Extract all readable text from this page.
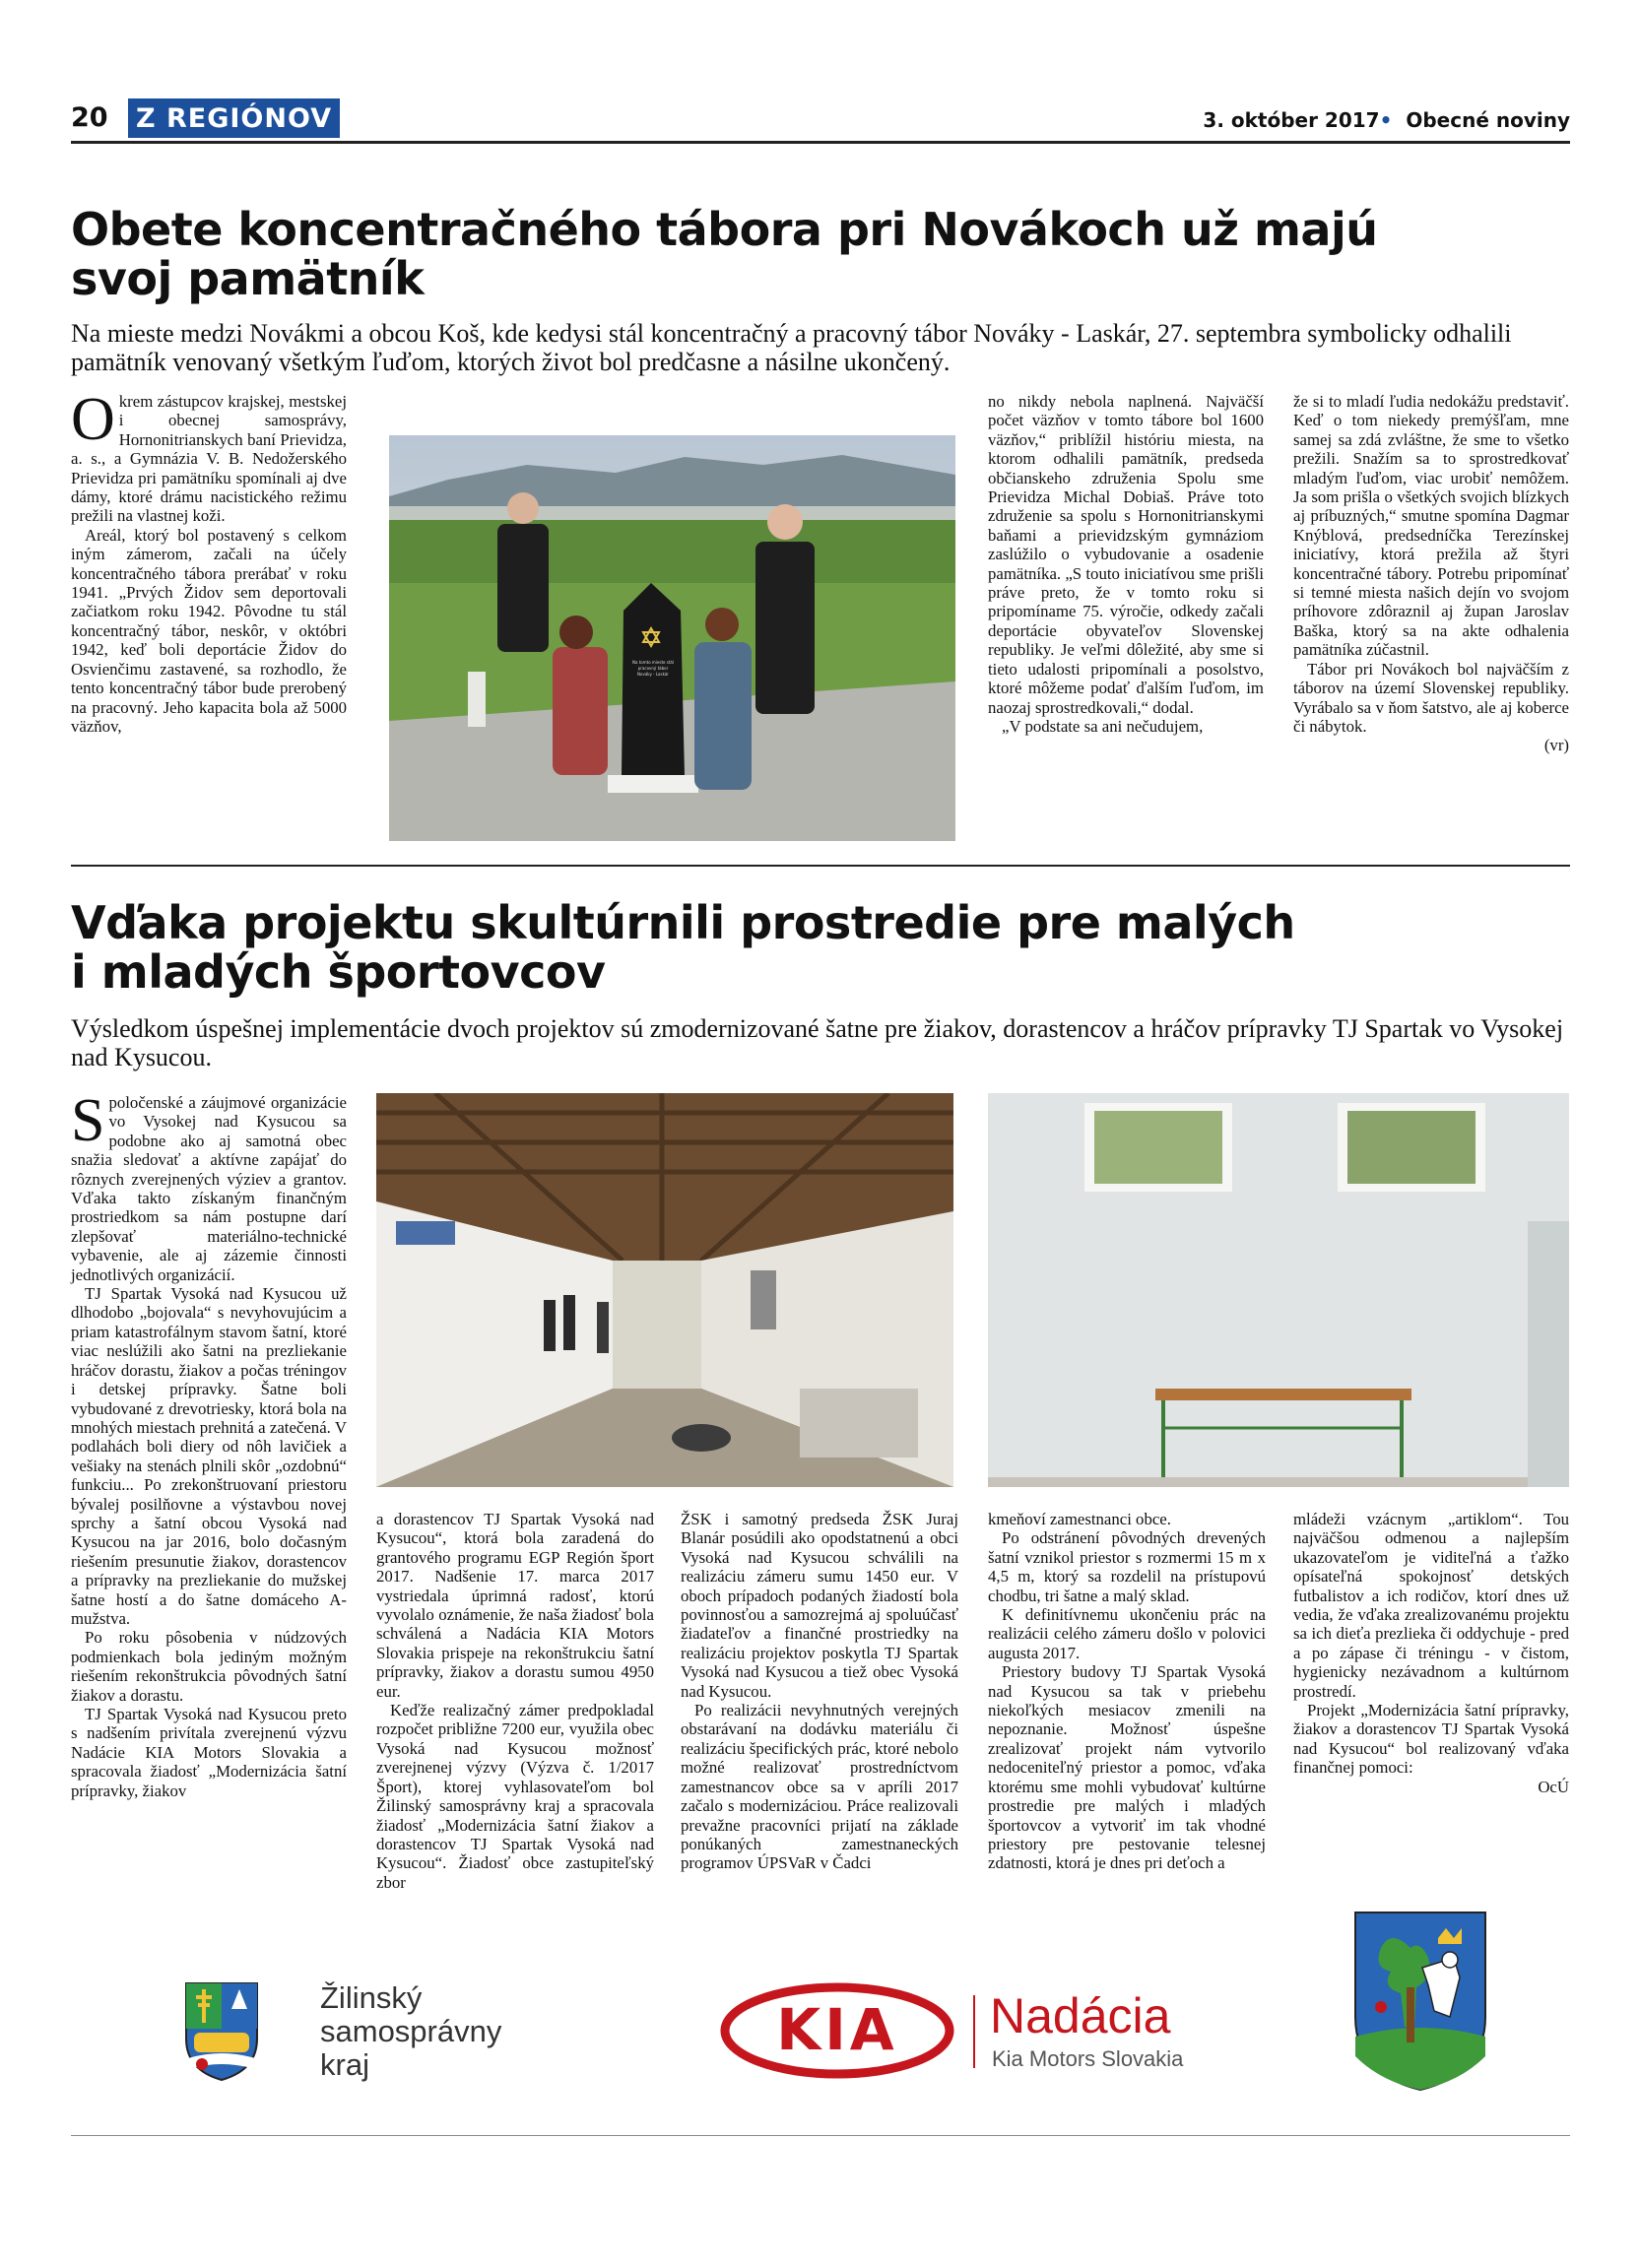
20 Z REGIÓNOV	3. október 2017• Obecné noviny
Obete koncentračného tábora pri Novákoch už majú
svoj pamätník
Na mieste medzi Novákmi a obcou Koš, kde kedysi stál koncentračný a pracovný tábor Nováky - Laskár, 27. septembra symbolicky odhalili pamätník venovaný všetkým ľuďom, ktorých život bol predčasne a násilne ukončený.
O krem zástupcov krajskej, mestskej i obecnej samosprávy, Hornonitrianskych baní Prievidza, a. s., a Gymnázia V. B. Nedožerského Prievidza pri pamätníku spomínali aj dve dámy, ktoré drámu nacistického režimu prežili na vlastnej koži.

Areál, ktorý bol postavený s celkom iným zámerom, začali na účely koncentračného tábora prerábať v roku 1941. „Prvých Židov sem deportovali začiatkom roku 1942. Pôvodne tu stál koncentračný tábor, neskôr, v októbri 1942, keď boli deportácie Židov do Osvienčimu zastavené, sa rozhodlo, že tento koncentračný tábor bude prerobený na pracovný. Jeho kapacita bola až 5000 väzňov,

Na tomto mieste stál pracovný tábor Nováky - Laskár

no nikdy nebola naplnená. Najväčší počet väzňov v tomto tábore bol 1600 väzňov,“ priblížil históriu miesta, na ktorom odhalili pamätník, predseda občianskeho združenia Spolu sme Prievidza Michal Dobiaš. Práve toto združenie sa spolu s Hornonitrianskymi baňami a prievidzským gymnáziom zaslúžilo o vybudovanie a osadenie pamätníka. „S touto iniciatívou sme prišli práve preto, že v tomto roku si pripomíname 75. výročie, odkedy začali deportácie obyvateľov Slovenskej republiky. Je veľmi dôležité, aby sme si tieto udalosti pripomínali a posolstvo, ktoré môžeme podať ďalším ľuďom, im naozaj sprostredkovali,“ dodal.

„V podstate sa ani nečudujem,

že si to mladí ľudia nedokážu predstaviť. Keď o tom niekedy premýšľam, mne samej sa zdá zvláštne, že sme to všetko prežili. Snažím sa to sprostredkovať mladým ľuďom, viac urobiť nemôžem. Ja som prišla o všetkých svojich blízkych aj príbuzných,“ smutne spomína Dagmar Knýblová, predsedníčka Terezínskej iniciatívy, ktorá prežila až štyri koncentračné tábory. Potrebu pripomínať si temné miesta našich dejín vo svojom príhovore zdôraznil aj župan Jaroslav Baška, ktorý sa na akte odhalenia pamätníka zúčastnil.

Tábor pri Novákoch bol najväčším z táborov na území Slovenskej republiky. Vyrábalo sa v ňom šatstvo, ale aj koberce či nábytok.

(vr)
Vďaka projektu skultúrnili prostredie pre malých
i mladých športovcov
Výsledkom úspešnej implementácie dvoch projektov sú zmodernizované šatne pre žiakov, dorastencov a hráčov prípravky TJ Spartak vo Vysokej nad Kysucou.
S poločenské a záujmové organizácie vo Vysokej nad Kysucou sa podobne ako aj samotná obec snažia sledovať a aktívne zapájať do rôznych zverejnených výziev a grantov. Vďaka takto získaným finančným prostriedkom sa nám postupne darí zlepšovať materiálno-technické vybavenie, ale aj zázemie činnosti jednotlivých organizácií.

TJ Spartak Vysoká nad Kysucou už dlhodobo „bojovala“ s nevyhovujúcim a priam katastrofálnym stavom šatní, ktoré viac neslúžili ako šatni na prezliekanie hráčov dorastu, žiakov a počas tréningov i detskej prípravky. Šatne boli vybudované z drevotriesky, ktorá bola na mnohých miestach prehnitá a zatečená. V podlahách boli diery od nôh lavičiek a vešiaky na stenách plnili skôr „ozdobnú“ funkciu... Po zrekonštruovaní priestoru bývalej posilňovne a výstavbou novej sprchy a šatní obcou Vysoká nad Kysucou na jar 2016, bolo dočasným riešením presunutie žiakov, dorastencov a prípravky na prezliekanie do mužskej šatne hostí a do šatne domáceho A-mužstva.

Po roku pôsobenia v núdzových podmienkach bola jediným možným riešením rekonštrukcia pôvodných šatní žiakov a dorastu.

TJ Spartak Vysoká nad Kysucou preto s nadšením privítala zverejnenú výzvu Nadácie KIA Motors Slovakia a spracovala žiadosť „Modernizácia šatní prípravky, žiakov

a dorastencov TJ Spartak Vysoká nad Kysucou“, ktorá bola zaradená do grantového programu EGP Región šport 2017. Nadšenie 17. marca 2017 vystriedala úprimná radosť, ktorú vyvolalo oznámenie, že naša žiadosť bola schválená a Nadácia KIA Motors Slovakia prispeje na rekonštrukciu šatní prípravky, žiakov a dorastu sumou 4950 eur.

Keďže realizačný zámer predpokladal rozpočet približne 7200 eur, využila obec Vysoká nad Kysucou možnosť zverejnenej výzvy (Výzva č. 1/2017 Šport), ktorej vyhlasovateľom bol Žilinský samosprávny kraj a spracovala žiadosť „Modernizácia šatní žiakov a dorastencov TJ Spartak Vysoká nad Kysucou“. Žiadosť obce zastupiteľský zbor

ŽSK i samotný predseda ŽSK Juraj Blanár posúdili ako opodstatnenú a obci Vysoká nad Kysucou schválili na realizáciu zámeru sumu 1450 eur. V oboch prípadoch podaných žiadostí bola povinnosťou a samozrejmá aj spoluúčasť žiadateľov a finančné prostriedky na realizáciu projektov poskytla TJ Spartak Vysoká nad Kysucou a tiež obec Vysoká nad Kysucou.

Po realizácii nevyhnutných verejných obstarávaní na dodávku materiálu či realizáciu špecifických prác, ktoré nebolo možné realizovať prostredníctvom zamestnancov obce sa v apríli 2017 začalo s modernizáciou. Práce realizovali prevažne pracovníci prijatí na základe ponúkaných zamestnaneckých programov ÚPSVaR v Čadci

kmeňoví zamestnanci obce.

Po odstránení pôvodných drevených šatní vznikol priestor s rozmermi 15 m x 4,5 m, ktorý sa rozdelil na prístupovú chodbu, tri šatne a malý sklad.

K definitívnemu ukončeniu prác na realizácii celého zámeru došlo v polovici augusta 2017.

Priestory budovy TJ Spartak Vysoká nad Kysucou sa tak v priebehu niekoľkých mesiacov zmenili na nepoznanie. Možnosť úspešne zrealizovať projekt nám vytvorilo nedoceniteľný priestor a pomoc, vďaka ktorému sme mohli vybudovať kultúrne prostredie pre malých i mladých športovcov a vytvoriť im tak vhodné priestory pre pestovanie telesnej zdatnosti, ktorá je dnes pri deťoch a

mládeži vzácnym „artiklom“. Tou najväčšou odmenou a najlepším ukazovateľom je viditeľná a ťažko opísateľná spokojnosť detských futbalistov a ich rodičov, ktorí dnes už vedia, že vďaka zrealizovanému projektu sa ich dieťa prezlieka či oddychuje - pred a po zápase či tréningu - v čistom, hygienicky nezávadnom a kultúrnom prostredí.

Projekt „Modernizácia šatní prípravky, žiakov a dorastencov TJ Spartak Vysoká nad Kysucou“ bol realizovaný vďaka finančnej pomoci:

OcÚ
Žilinský
samosprávny
kraj
KIA	Nadácia
Kia Motors Slovakia
